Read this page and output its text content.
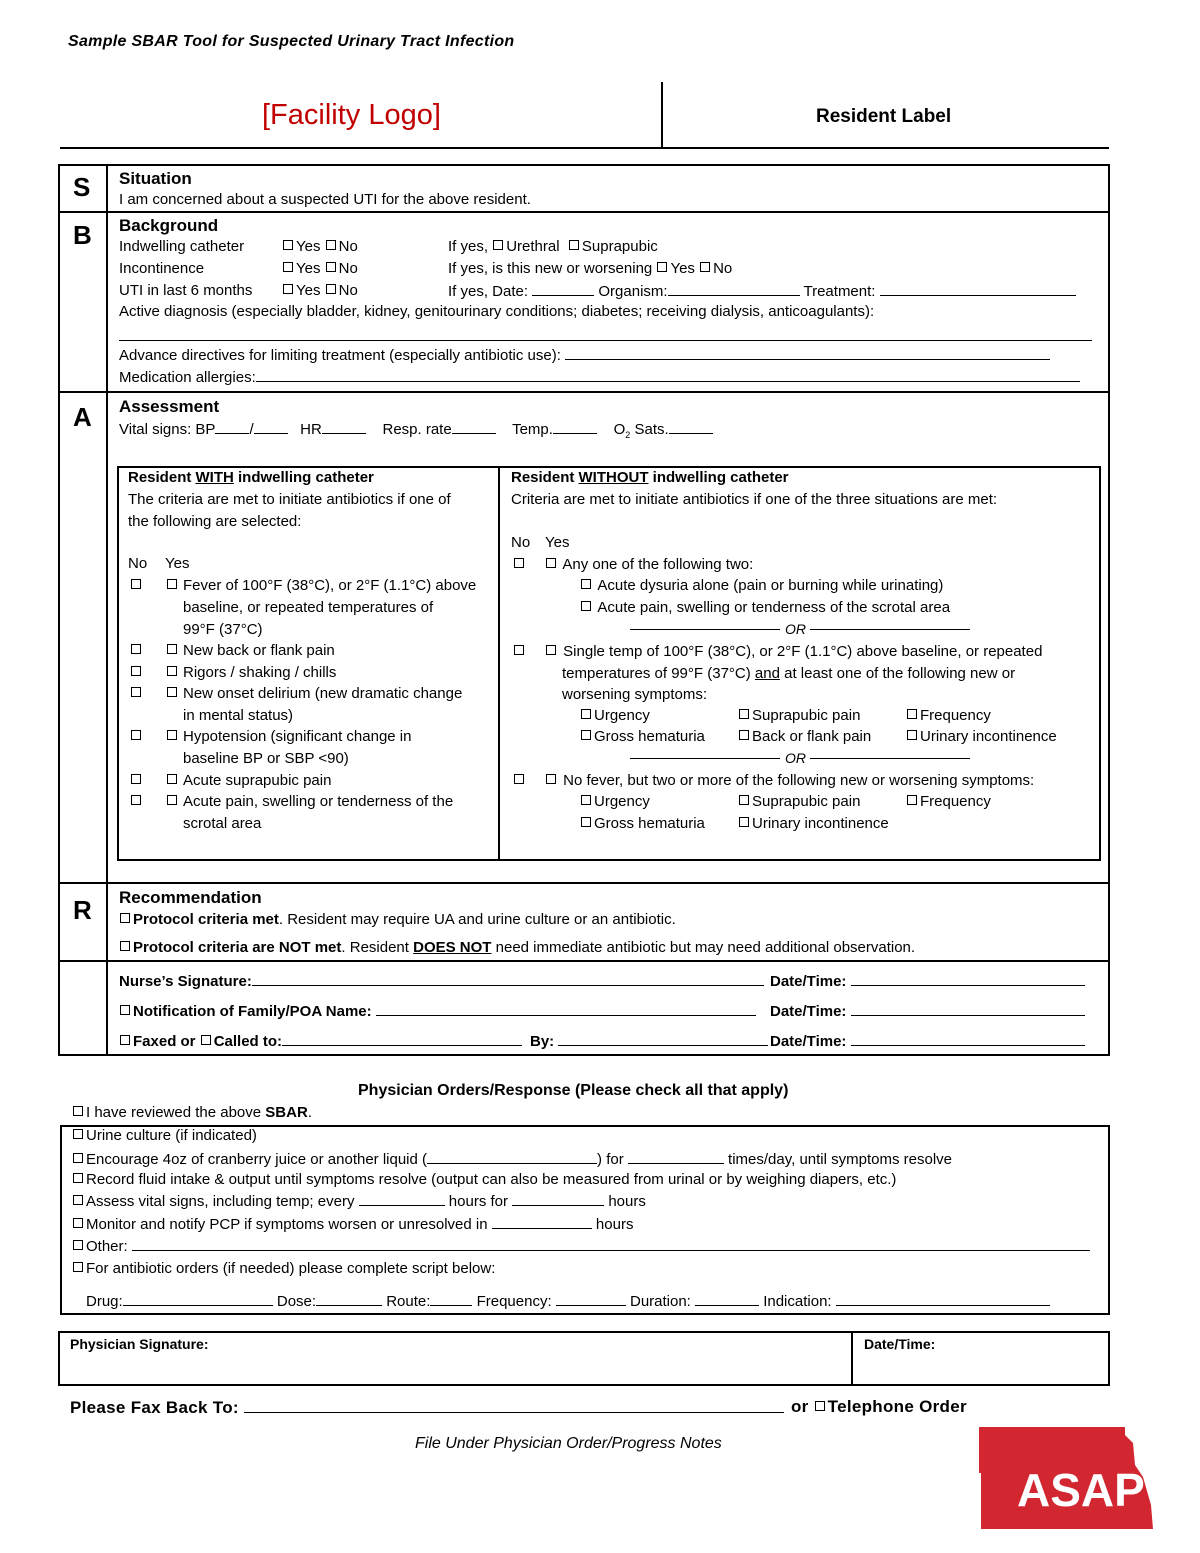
Sample SBAR Tool for Suspected Urinary Tract Infection
[Facility Logo]	Resident Label
S Situation
I am concerned about a suspected UTI for the above resident.
B Background
Indwelling catheter	Yes No	If yes, Urethral Suprapubic
Incontinence	Yes No	If yes, is this new or worsening Yes No
UTI in last 6 months	Yes No	If yes, Date:	Organism:	Treatment:
Active diagnosis (especially bladder, kidney, genitourinary conditions; diabetes; receiving dialysis, anticoagulants):
Advance directives for limiting treatment (especially antibiotic use):
Medication allergies:
A Assessment
Vital signs: BP /	HR	Resp. rate	Temp.	$O_2$ Sats.
Resident WITH indwelling catheter
The criteria are met to initiate antibiotics if one of
the following are selected:
No Yes
Fever of 100°F (38°C), or 2°F (1.1°C) above
baseline, or repeated temperatures of
99°F (37°C)
New back or flank pain
Rigors / shaking / chills
New onset delirium (new dramatic change
in mental status)
Hypotension (significant change in
baseline BP or SBP <90)
Acute suprapubic pain
Acute pain, swelling or tenderness of the
scrotal area
Resident WITHOUT indwelling catheter
Criteria are met to initiate antibiotics if one of the three situations are met:
No Yes
Any one of the following two:
Acute dysuria alone (pain or burning while urinating)
Acute pain, swelling or tenderness of the scrotal area
OR
Single temp of 100°F (38°C), or 2°F (1.1°C) above baseline, or repeated
temperatures of 99°F (37°C) and at least one of the following new or
worsening symptoms:
Urgency	Suprapubic pain	Frequency
Gross hematuria	Back or flank pain	Urinary incontinence
OR
No fever, but two or more of the following new or worsening symptoms:
Urgency	Suprapubic pain	Frequency
Gross hematuria	Urinary incontinence
R Recommendation
Protocol criteria met. Resident may require UA and urine culture or an antibiotic.
Protocol criteria are NOT met. Resident DOES NOT need immediate antibiotic but may need additional observation.
Nurse’s Signature:	Date/Time:
Notification of Family/POA Name:	Date/Time:
Faxed or Called to:	By:	Date/Time:
Physician Orders/Response (Please check all that apply)
I have reviewed the above SBAR.
Urine culture (if indicated)
Encourage 4oz of cranberry juice or another liquid (	) for	times/day, until symptoms resolve
Record fluid intake & output until symptoms resolve (output can also be measured from urinal or by weighing diapers, etc.)
Assess vital signs, including temp; every	hours for	hours
Monitor and notify PCP if symptoms worsen or unresolved in	hours
Other:
For antibiotic orders (if needed) please complete script below:
Drug:	Dose:	Route:	Frequency:	Duration:	Indication:
Physician Signature:	Date/Time:
Please Fax Back To:	or Telephone Order
File Under Physician Order/Progress Notes
ASAP
